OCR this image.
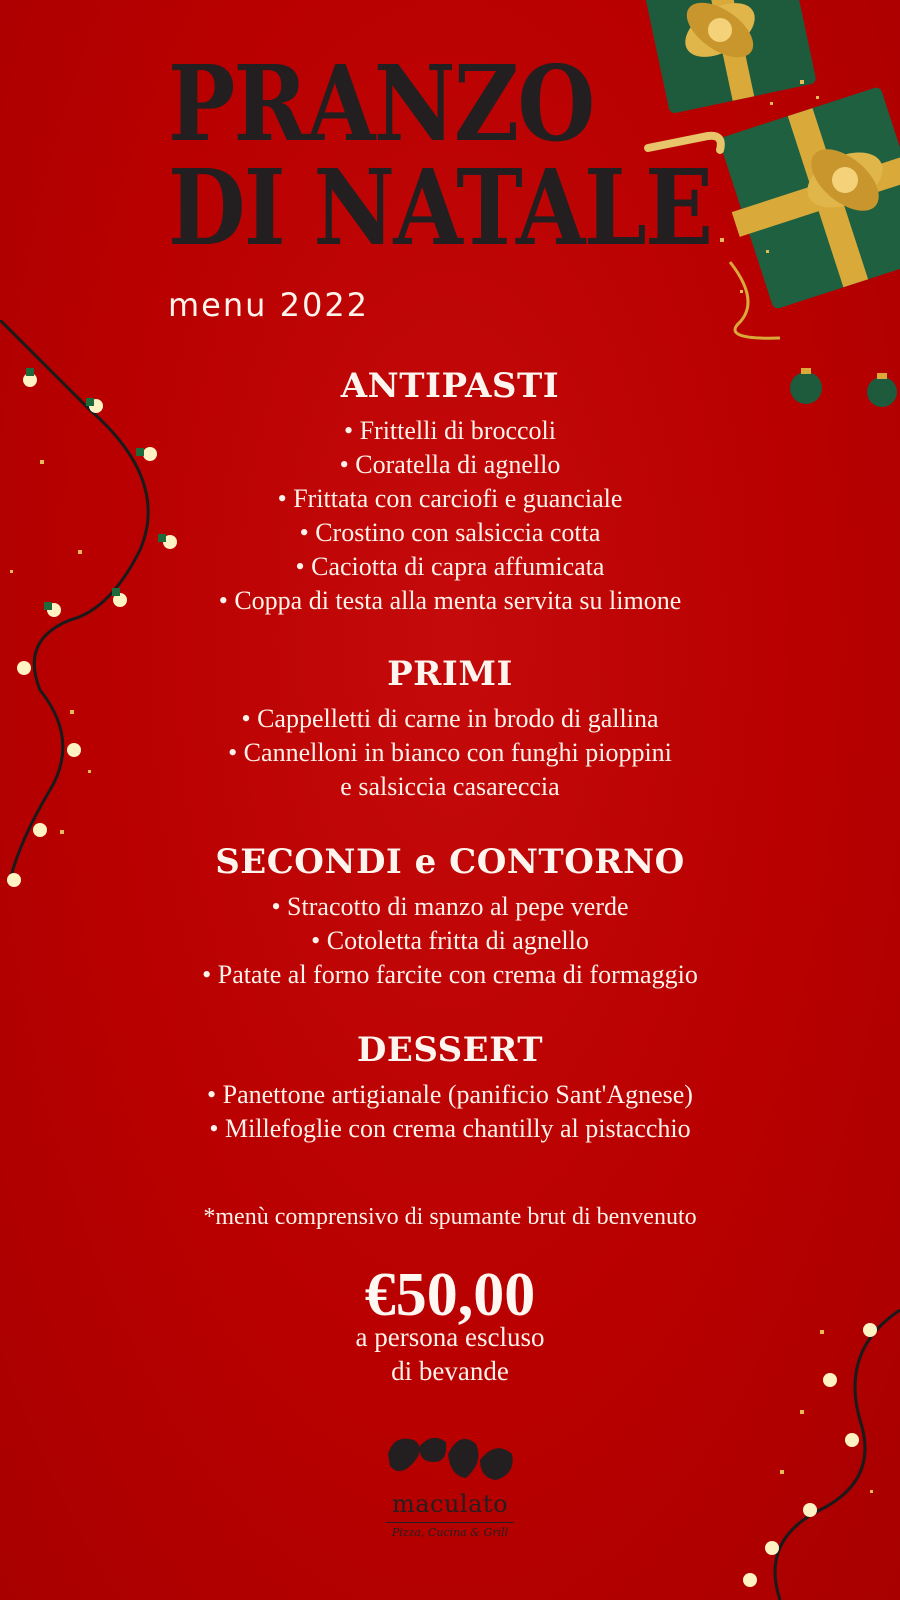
PRANZO
DI NATALE
menu 2022
ANTIPASTI
• Frittelli di broccoli
• Coratella di agnello
• Frittata con carciofi e guanciale
• Crostino con salsiccia cotta
• Caciotta di capra affumicata
• Coppa di testa alla menta servita su limone
PRIMI
• Cappelletti di carne in brodo di gallina
• Cannelloni in bianco con funghi pioppini
e salsiccia casareccia
SECONDI e CONTORNO
• Stracotto di manzo al pepe verde
• Cotoletta fritta di agnello
• Patate al forno farcite con crema di formaggio
DESSERT
• Panettone artigianale (panificio Sant'Agnese)
• Millefoglie con crema chantilly al pistacchio
*menù comprensivo di spumante brut di benvenuto
€50,00
a persona escluso
di bevande
maculato
Pizza, Cucina & Grill
